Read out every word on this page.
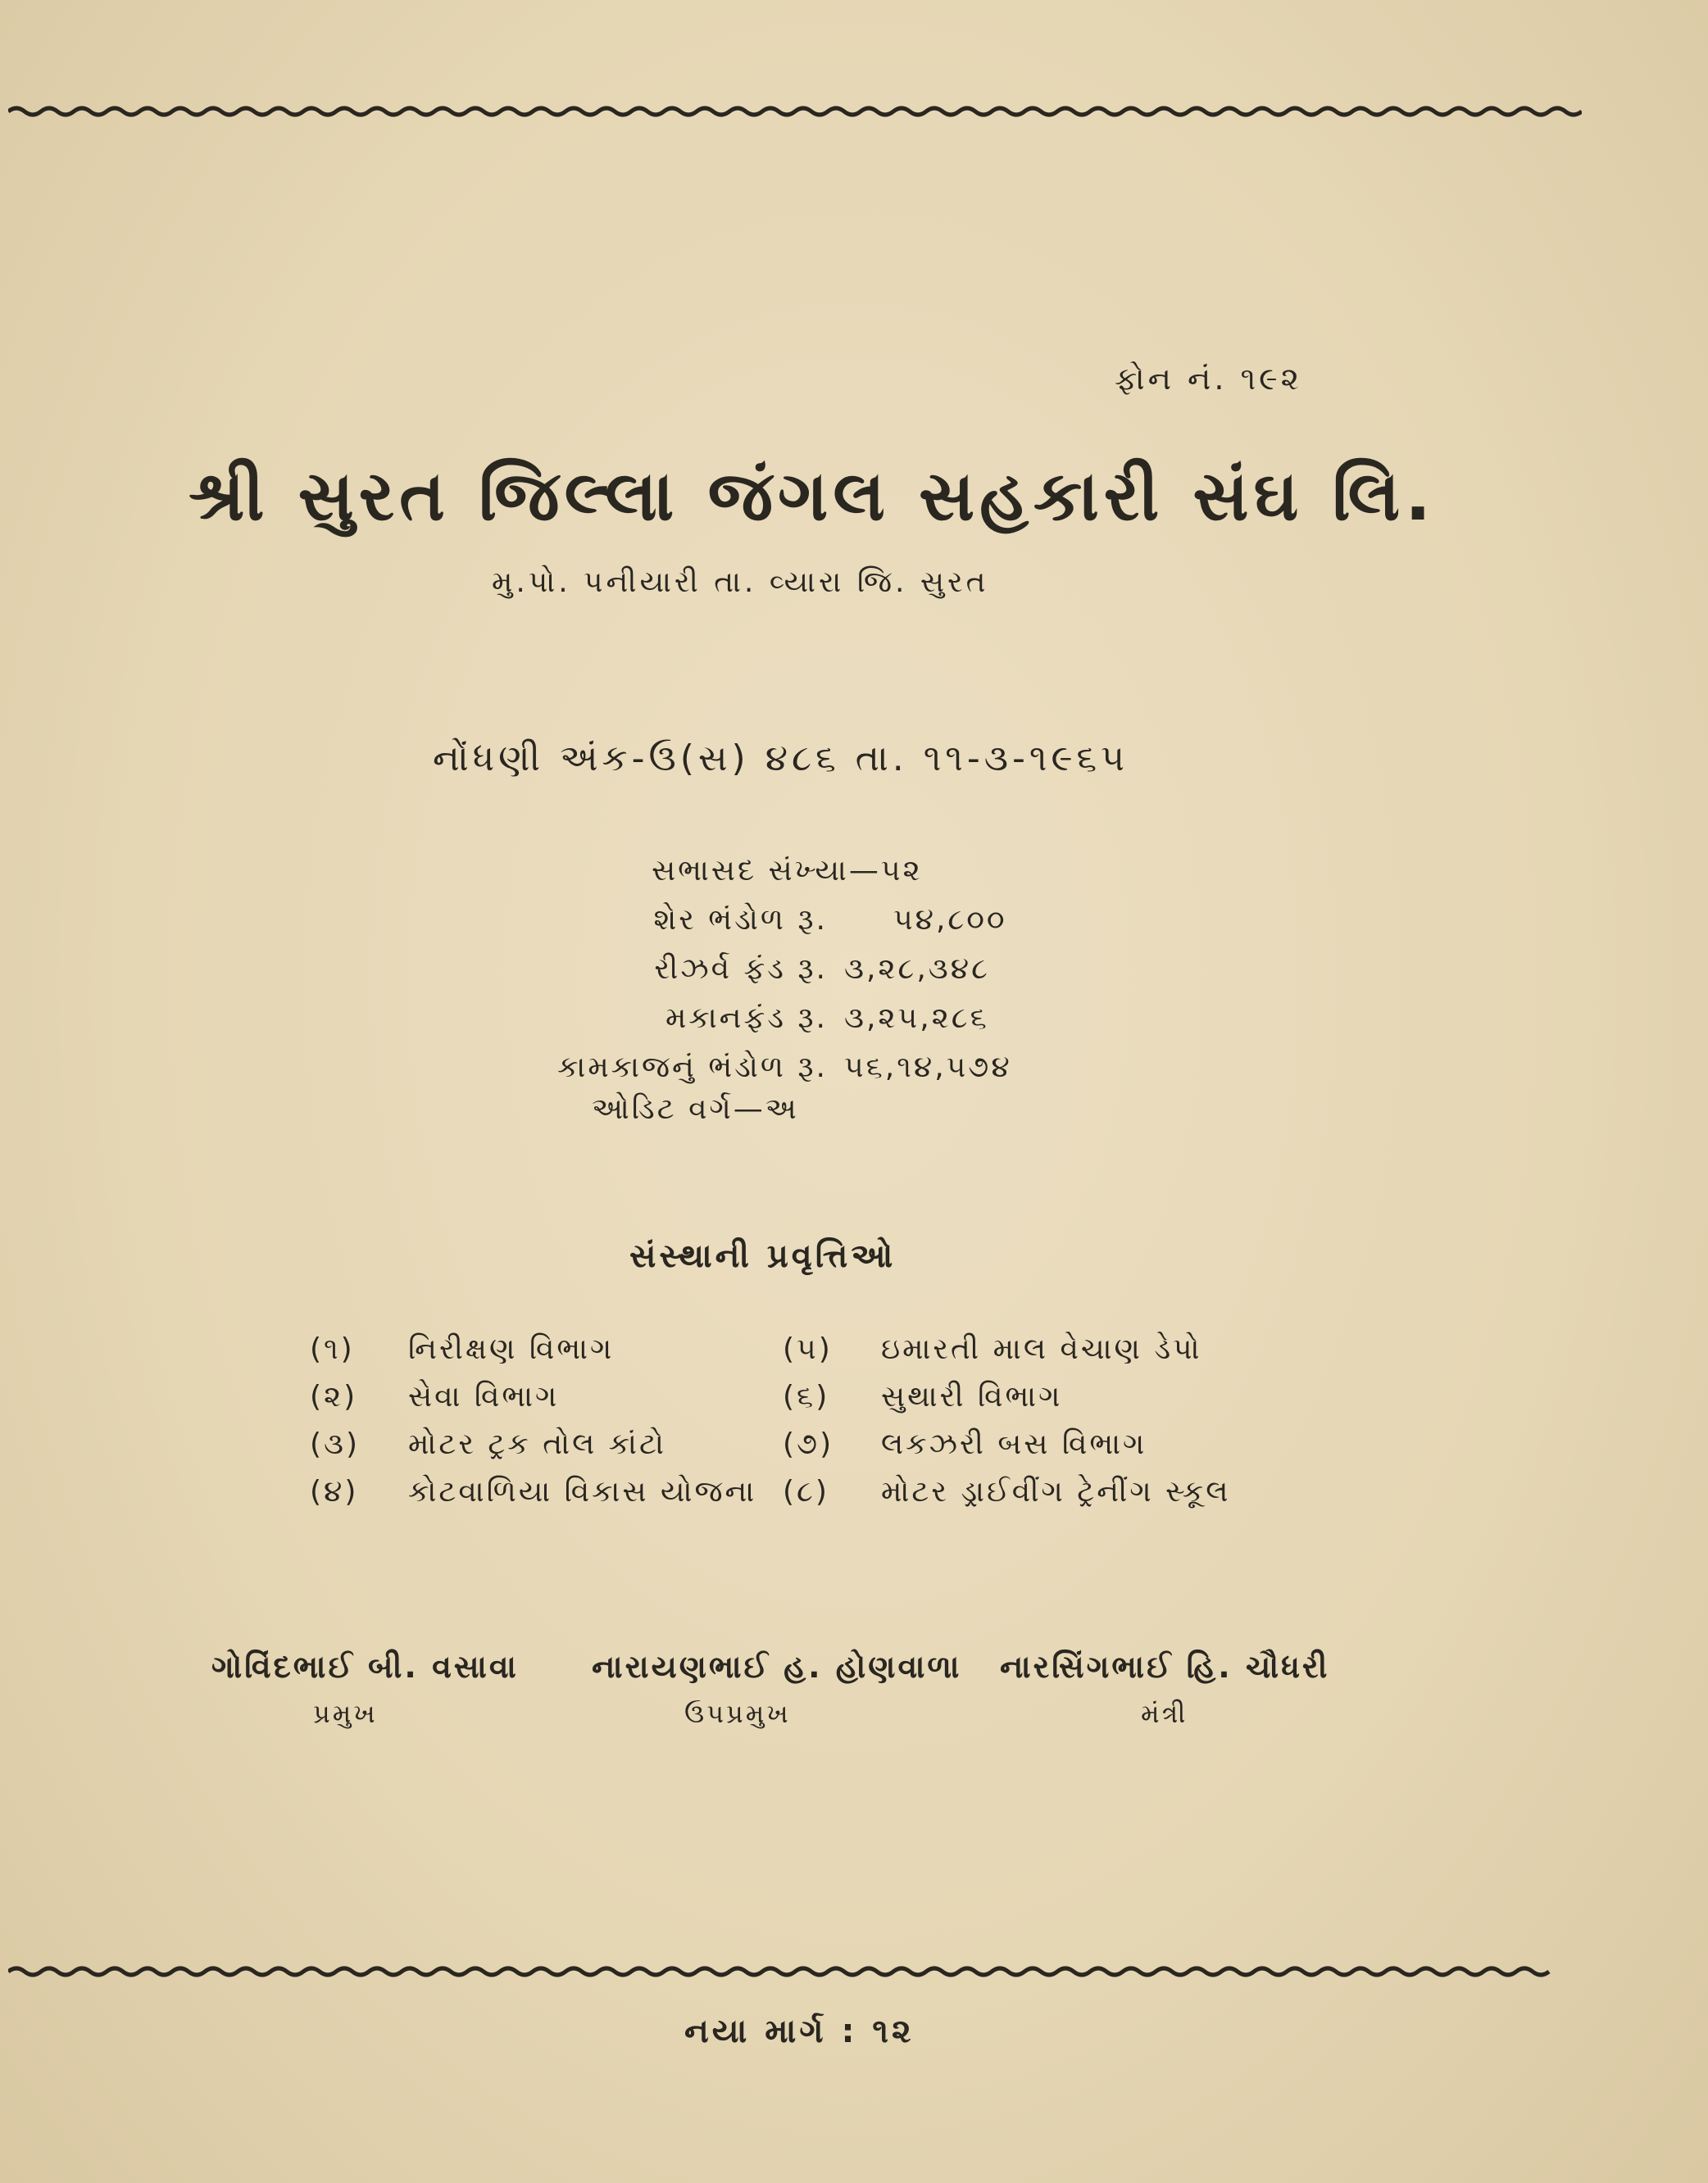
ફોન નં. ૧૯૨
શ્રી સુરત જિલ્લા જંગલ સહકારી સંઘ લિ.
મુ.પો. પનીયારી તા. વ્યારા જિ. સુરત
નોંધણી અંક-ઉ(સ) ૪૮૬ તા. ૧૧-૩-૧૯૬૫
સભાસદ સંખ્યા—૫૨
શેર ભંડોળ રૂ. ૫૪,૮૦૦
રીઝર્વ ફંડ રૂ. ૩,૨૮,૩૪૮
મકાનફંડ રૂ. ૩,૨૫,૨૮૬
કામકાજનું ભંડોળ રૂ. ૫૬,૧૪,૫૭૪
ઓડિટ વર્ગ—અ
સંસ્થાની પ્રવૃત્તિઓ
(૧) નિરીક્ષણ વિભાગ
(૨) સેવા વિભાગ
(૩) મોટર ટ્રક તોલ કાંટો
(૪) કોટવાળિયા વિકાસ યોજના
(૫) ઇમારતી માલ વેચાણ ડેપો
(૬) સુથારી વિભાગ
(૭) લકઝરી બસ વિભાગ
(૮) મોટર ડ્રાઈવીંગ ટ્રેનીંગ સ્કૂલ
ગોવિંદભાઈ બી. વસાવા
પ્રમુખ
નારાયણભાઈ હ. હોણવાળા
ઉપપ્રમુખ
નારસિંગભાઈ હિ. ચૌધરી
મંત્રી
નયા માર્ગ : ૧૨
